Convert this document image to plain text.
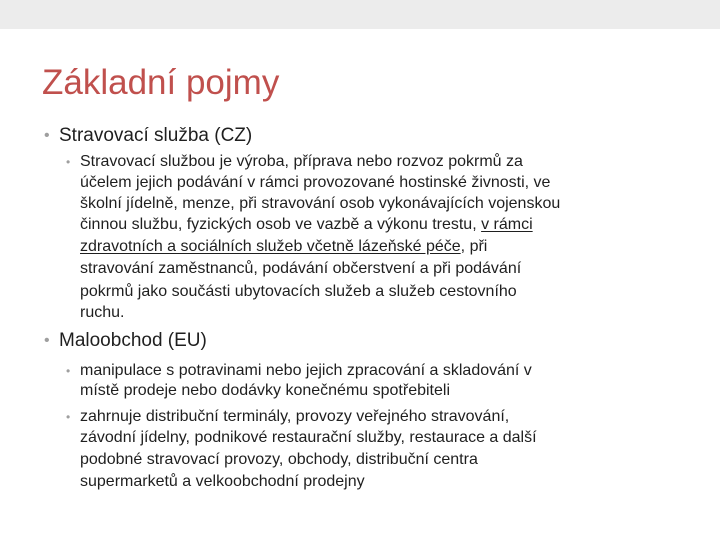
Základní pojmy
• Stravovací služba (CZ)
• Stravovací službou je výroba, příprava nebo rozvoz pokrmů za
účelem jejich podávání v rámci provozované hostinské živnosti, ve
školní jídelně, menze, při stravování osob vykonávajících vojenskou
činnou službu, fyzických osob ve vazbě a výkonu trestu, v rámci
zdravotních a sociálních služeb včetně lázeňské péče, při
stravování zaměstnanců, podávání občerstvení a při podávání
pokrmů jako součásti ubytovacích služeb a služeb cestovního
ruchu.
• Maloobchod (EU)
• manipulace s potravinami nebo jejich zpracování a skladování v
místě prodeje nebo dodávky konečnému spotřebiteli
• zahrnuje distribuční terminály, provozy veřejného stravování,
závodní jídelny, podnikové restaurační služby, restaurace a další
podobné stravovací provozy, obchody, distribuční centra
supermarketů a velkoobchodní prodejny
